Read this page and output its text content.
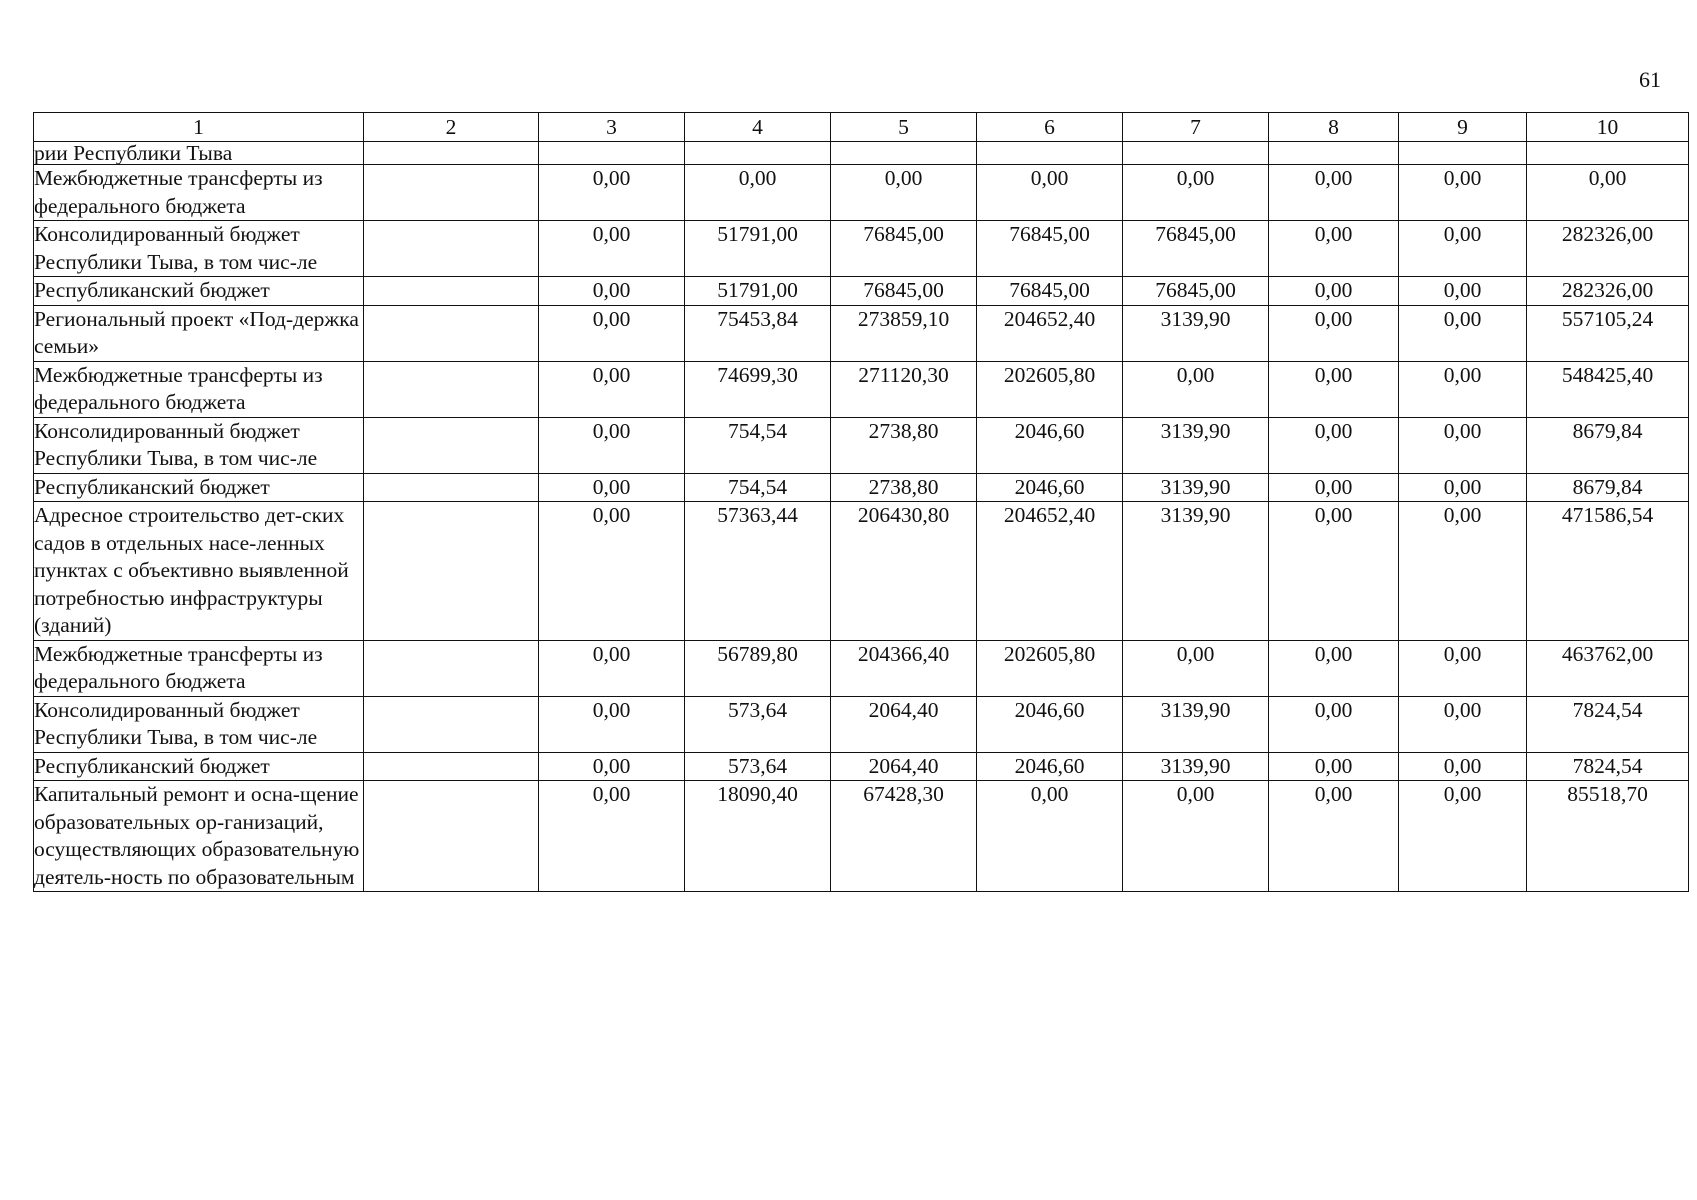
61
1	2	3	4	5	6	7	8	9	10
рии Республики Тыва									
Межбюджетные трансферты из федерального бюджета		0,00	0,00	0,00	0,00	0,00	0,00	0,00	0,00
Консолидированный бюджет Республики Тыва, в том чис-ле		0,00	51791,00	76845,00	76845,00	76845,00	0,00	0,00	282326,00
Республиканский бюджет		0,00	51791,00	76845,00	76845,00	76845,00	0,00	0,00	282326,00
Региональный проект «Под-держка семьи»		0,00	75453,84	273859,10	204652,40	3139,90	0,00	0,00	557105,24
Межбюджетные трансферты из федерального бюджета		0,00	74699,30	271120,30	202605,80	0,00	0,00	0,00	548425,40
Консолидированный бюджет Республики Тыва, в том чис-ле		0,00	754,54	2738,80	2046,60	3139,90	0,00	0,00	8679,84
Республиканский бюджет		0,00	754,54	2738,80	2046,60	3139,90	0,00	0,00	8679,84
Адресное строительство дет-ских садов в отдельных насе-ленных пунктах с объективно выявленной потребностью инфраструктуры (зданий)		0,00	57363,44	206430,80	204652,40	3139,90	0,00	0,00	471586,54
Межбюджетные трансферты из федерального бюджета		0,00	56789,80	204366,40	202605,80	0,00	0,00	0,00	463762,00
Консолидированный бюджет Республики Тыва, в том чис-ле		0,00	573,64	2064,40	2046,60	3139,90	0,00	0,00	7824,54
Республиканский бюджет		0,00	573,64	2064,40	2046,60	3139,90	0,00	0,00	7824,54
Капитальный ремонт и осна-щение образовательных ор-ганизаций, осуществляющих образовательную деятель-ность по образовательным		0,00	18090,40	67428,30	0,00	0,00	0,00	0,00	85518,70
